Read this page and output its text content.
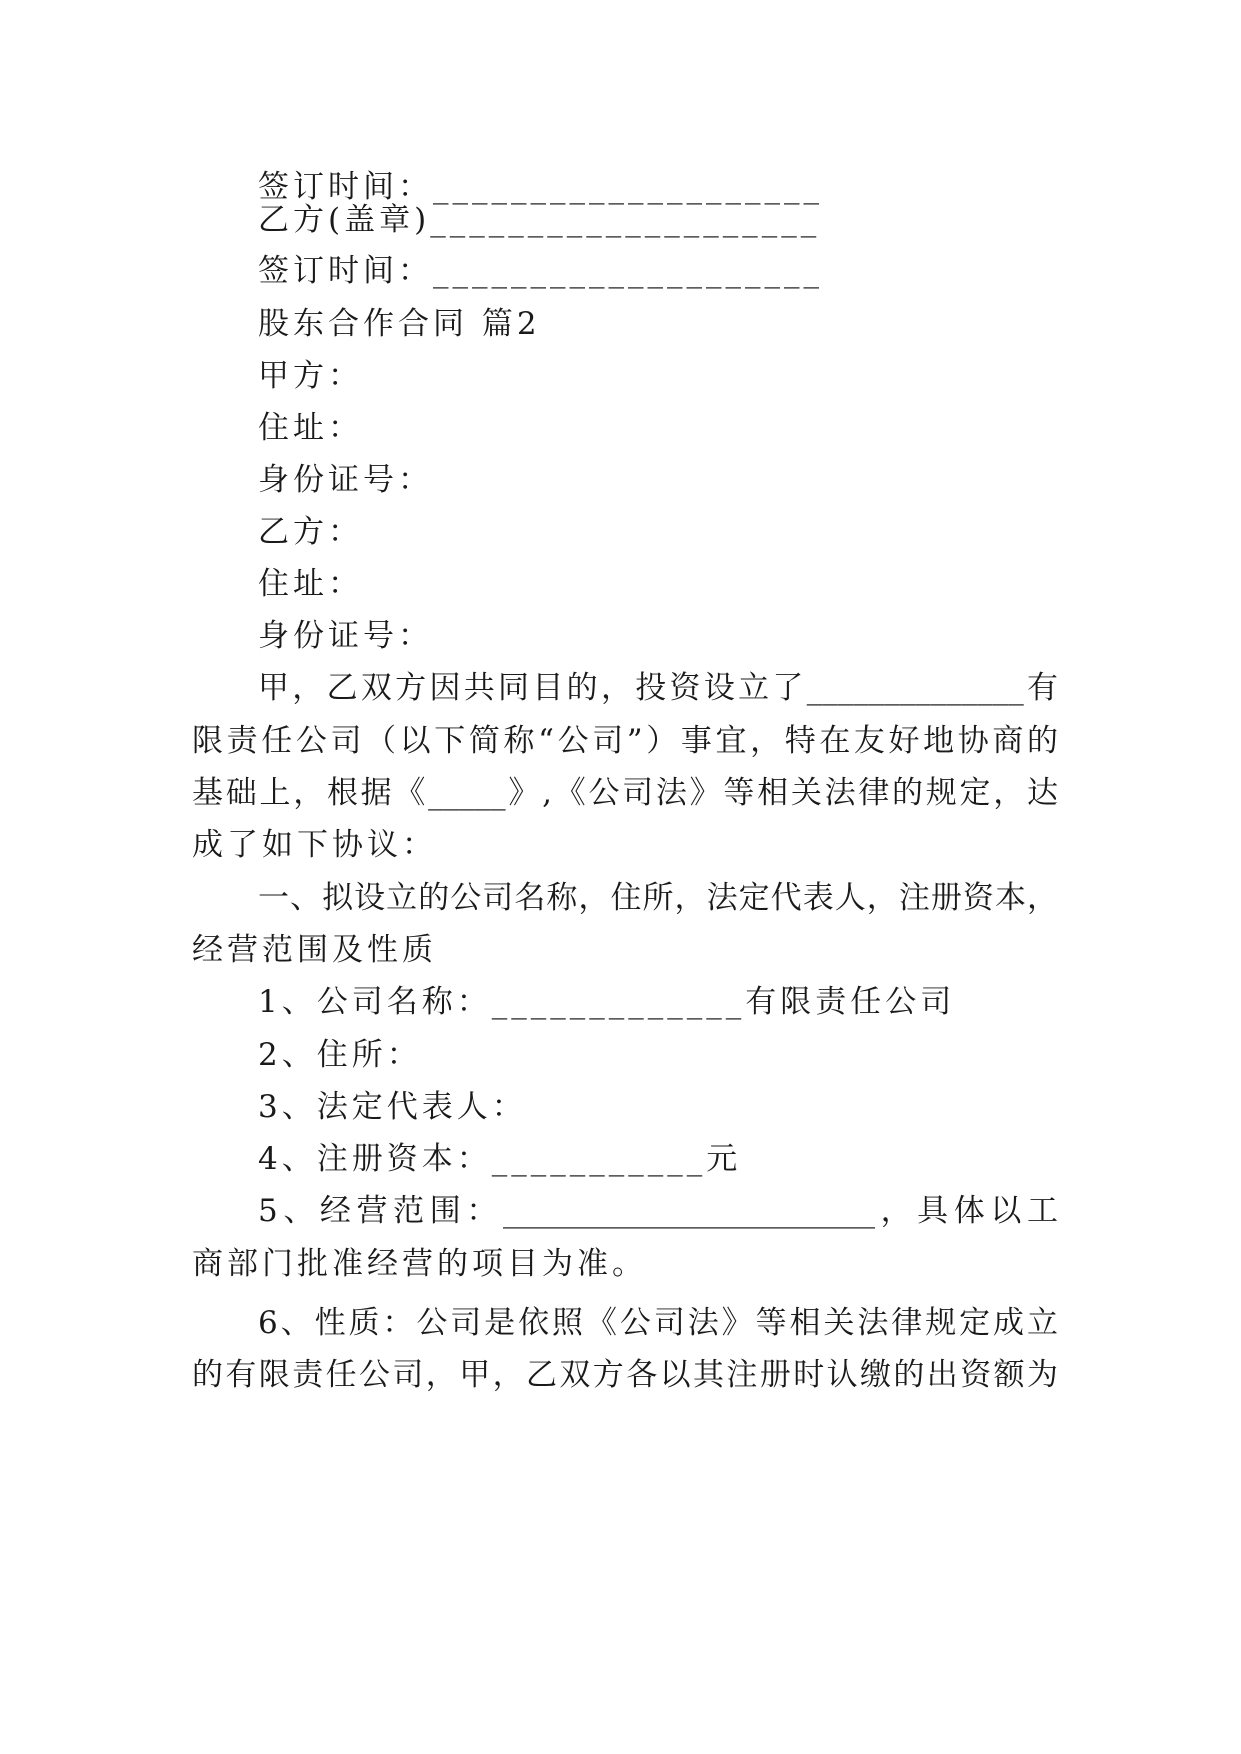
签订时间：____________________
乙方(盖章)____________________
签订时间：____________________
股东合作合同 篇2
甲方：
住址：
身份证号：
乙方：
住址：
身份证号：
甲，乙双方因共同目的，投资设立了______________有
限责任公司（以下简称“公司”）事宜，特在友好地协商的
基础上，根据《_____》,《公司法》等相关法律的规定，达
成了如下协议：
一、拟设立的公司名称，住所，法定代表人，注册资本，
经营范围及性质
1、公司名称：_____________有限责任公司
2、住所：
3、法定代表人：
4、注册资本：___________元
5、经营范围：________________________，具体以工
商部门批准经营的项目为准。
6、性质：公司是依照《公司法》等相关法律规定成立
的有限责任公司，甲，乙双方各以其注册时认缴的出资额为
